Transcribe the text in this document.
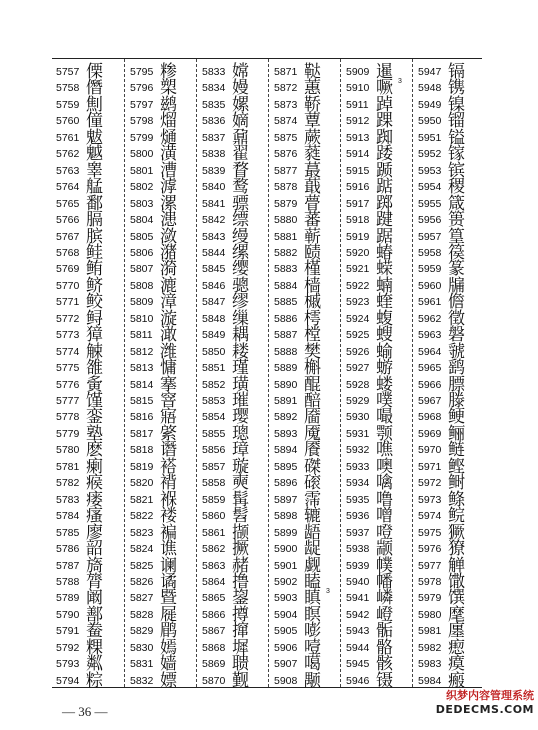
5757 傈
5758 僭
5759 劁
5760 僮
5761 魃
5762 魆
5763 睾
5764 艋
5765 鄱
5766 膈
5767 膑
5768 鲑
5769 鲔
5770 鲚
5771 鲛
5772 鲟
5773 獐
5774 觫
5775 雒
5776 夤
5777 馑
5778 銮
5779 塾
5780 麽
5781 瘌
5782 瘊
5783 瘘
5784 瘙
5785 廖
5786 韶
5787 旖
5788 膂
5789 阚
5790 鄯
5791 鲞
5792 粿
5793 粼
5794 粽
5795 糁
5796 槊
5797 鹚
5798 熘
5799 熥
5800 潢
5801 漕
5802 滹
5803 漯
5804 漶
5805 潋
5806 潴
5807 漪
5808 漉
5809 漳
5810 漩
5811 澉
5812 潍
5813 慵
5814 搴
5815 窨
5816 寤
5817 綮
5818 谮
5819 褡
5820 褙
5821 褓
5822 褛
5823 褊
5824 谯
5825 谰
5826 谲
5827 暨
5828 屣
5829 鹛
5830 嫣
5831 嫱
5832 嫖
5833 嫦
5834 嫚
5835 嫘
5836 嫡
5837 鼐
5838 翟
5839 瞀
5840 鹜
5841 骠
5842 缥
5843 缦
5844 缧
5845 缨
5846 骢
5847 缪
5848 缫
5849 耦
5850 耧
5851 瑾
5852 璜
5853 璀
5854 璎
5855 璁
5856 璋
5857 璇
5858 奭
5859 髯
5860 髫
5861 撷
5862 撅
5863 赭
5864 撸
5865 鋆
5866 撙
5867 撺
5868 墀
5869 聩
5870 觐
5871 鞑
5872 蕙
5873 鞒
5874 蕈
5875 蕨
5876 蕤
5877 蕞
5878 蕺
5879 瞢
5880 蕃
5881 蕲
5882 赜
5883 槿
5884 樯
5885 槭
5886 樗
5887 樘
5888 樊
5889 槲
5890 醌
5891 醅
5892 靥
5893 魇
5894 餍
5895 磔
5896 磙
5897 霈
5898 辘
5899 龉
5900 龊
5901 觑
5902 瞌
5903 瞋 3
5904 瞑
5905 嘭
5906 噎
5907 噶
5908 颙
5909 暹
5910 噘 3
5911 踔
5912 踝
5913 踟
5914 踒
5915 踬
5916 踮
5917 踯
5918 踺
5919 踞
5920 蝽
5921 蝾
5922 蝻
5923 蝰
5924 蝮
5925 螋
5926 蝓
5927 蝣
5928 蝼
5929 噗
5930 嘬
5931 颚
5932 噍
5933 噢
5934 噙
5935 噜
5936 噌
5937 噔
5938 颛
5939 幞
5940 幡
5941 嶙
5942 嶝
5943 骺
5944 骼
5945 骸
5946 镊
5947 镉
5948 镌
5949 镍
5950 镏
5951 镒
5952 镓
5953 镔
5954 稷
5955 箴
5956 篑
5957 篁
5958 篌
5959 篆
5960 牖
5961 儋
5962 徵
5963 磐
5964 虢
5965 鹞
5966 膘
5967 滕
5968 鲠
5969 鲡
5970 鲢
5971 鲣
5972 鲥
5973 鲦
5974 鲩
5975 獗
5976 獠
5977 觯
5978 馓
5979 馔
5980 麾
5981 廛
5982 瘛
5983 瘼
5984 瘢
— 36 —
织梦内容管理系统
DEDECMS.COM
